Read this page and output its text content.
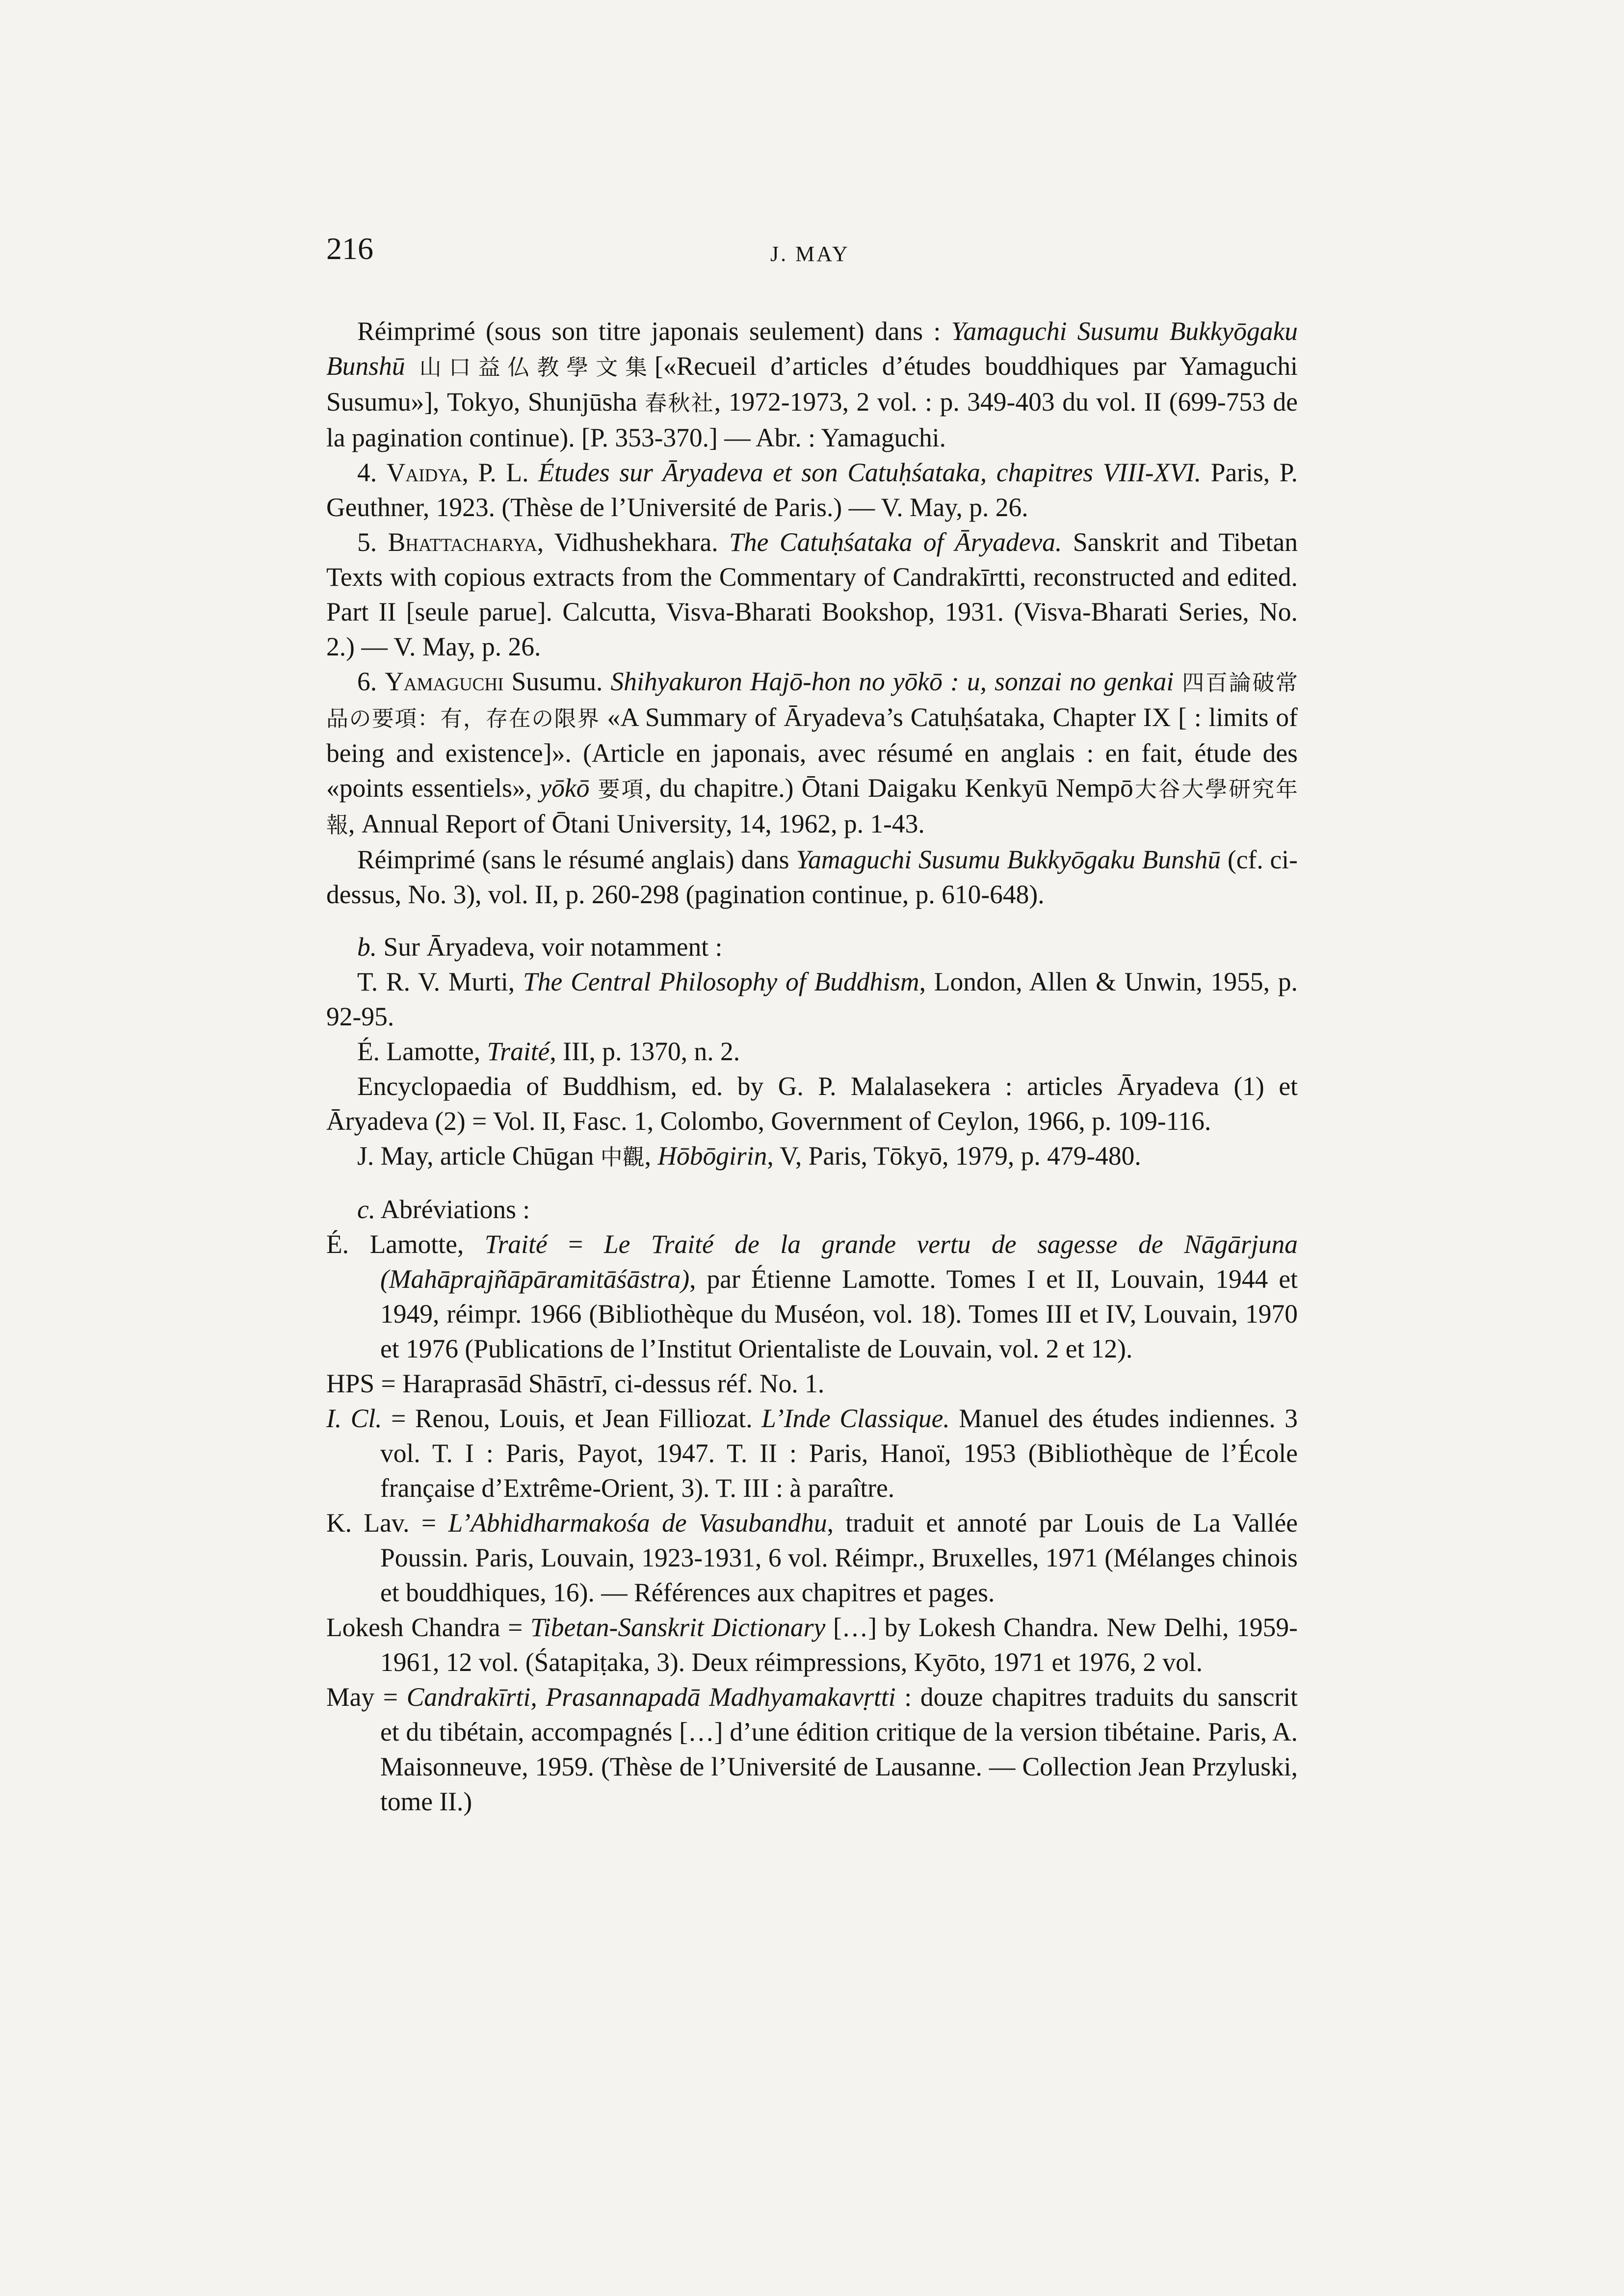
216	J. MAY

Réimprimé (sous son titre japonais seulement) dans : Yamaguchi Susumu Bukkyōgaku Bunshū 山口益仏教學文集[«Recueil d’articles d’études bouddhiques par Yamaguchi Susumu»], Tokyo, Shunjūsha 春秋社, 1972-1973, 2 vol. : p. 349-403 du vol. II (699-753 de la pagination continue). [P. 353-370.] — Abr. : Yamaguchi.

4. Vaidya, P. L. Études sur Āryadeva et son Catuḥśataka, chapitres VIII-XVI. Paris, P. Geuthner, 1923. (Thèse de l’Université de Paris.) — V. May, p. 26.

5. Bhattacharya, Vidhushekhara. The Catuḥśataka of Āryadeva. Sanskrit and Tibetan Texts with copious extracts from the Commentary of Candrakīrtti, reconstructed and edited. Part II [seule parue]. Calcutta, Visva-Bharati Bookshop, 1931. (Visva-Bharati Series, No. 2.) — V. May, p. 26.

6. Yamaguchi Susumu. Shihyakuron Hajō-hon no yōkō : u, sonzai no genkai 四百論破常品の要項：有，存在の限界 «A Summary of Āryadeva’s Catuḥśataka, Chapter IX [ : limits of being and existence]». (Article en japonais, avec résumé en anglais : en fait, étude des «points essentiels», yōkō 要項, du chapitre.) Ōtani Daigaku Kenkyū Nempō大谷大學研究年報, Annual Report of Ōtani University, 14, 1962, p. 1-43.

Réimprimé (sans le résumé anglais) dans Yamaguchi Susumu Bukkyōgaku Bunshū (cf. ci-dessus, No. 3), vol. II, p. 260-298 (pagination continue, p. 610-648).

b. Sur Āryadeva, voir notamment :

T. R. V. Murti, The Central Philosophy of Buddhism, London, Allen & Unwin, 1955, p. 92-95.

É. Lamotte, Traité, III, p. 1370, n. 2.

Encyclopaedia of Buddhism, ed. by G. P. Malalasekera : articles Āryadeva (1) et Āryadeva (2) = Vol. II, Fasc. 1, Colombo, Government of Ceylon, 1966, p. 109-116.

J. May, article Chūgan 中觀, Hōbōgirin, V, Paris, Tōkyō, 1979, p. 479-480.

c. Abréviations :

É. Lamotte, Traité = Le Traité de la grande vertu de sagesse de Nāgārjuna (Mahāprajñāpāramitāśāstra), par Étienne Lamotte. Tomes I et II, Louvain, 1944 et 1949, réimpr. 1966 (Bibliothèque du Muséon, vol. 18). Tomes III et IV, Louvain, 1970 et 1976 (Publications de l’Institut Orientaliste de Louvain, vol. 2 et 12).

HPS = Haraprasād Shāstrī, ci-dessus réf. No. 1.

I. Cl. = Renou, Louis, et Jean Filliozat. L’Inde Classique. Manuel des études indiennes. 3 vol. T. I : Paris, Payot, 1947. T. II : Paris, Hanoï, 1953 (Bibliothèque de l’École française d’Extrême-Orient, 3). T. III : à paraître.

K. Lav. = L’Abhidharmakośa de Vasubandhu, traduit et annoté par Louis de La Vallée Poussin. Paris, Louvain, 1923-1931, 6 vol. Réimpr., Bruxelles, 1971 (Mélanges chinois et bouddhiques, 16). — Références aux chapitres et pages.

Lokesh Chandra = Tibetan-Sanskrit Dictionary […] by Lokesh Chandra. New Delhi, 1959-1961, 12 vol. (Śatapiṭaka, 3). Deux réimpressions, Kyōto, 1971 et 1976, 2 vol.

May = Candrakīrti, Prasannapadā Madhyamakavṛtti : douze chapitres traduits du sanscrit et du tibétain, accompagnés […] d’une édition critique de la version tibétaine. Paris, A. Maisonneuve, 1959. (Thèse de l’Université de Lausanne. — Collection Jean Przyluski, tome II.)
